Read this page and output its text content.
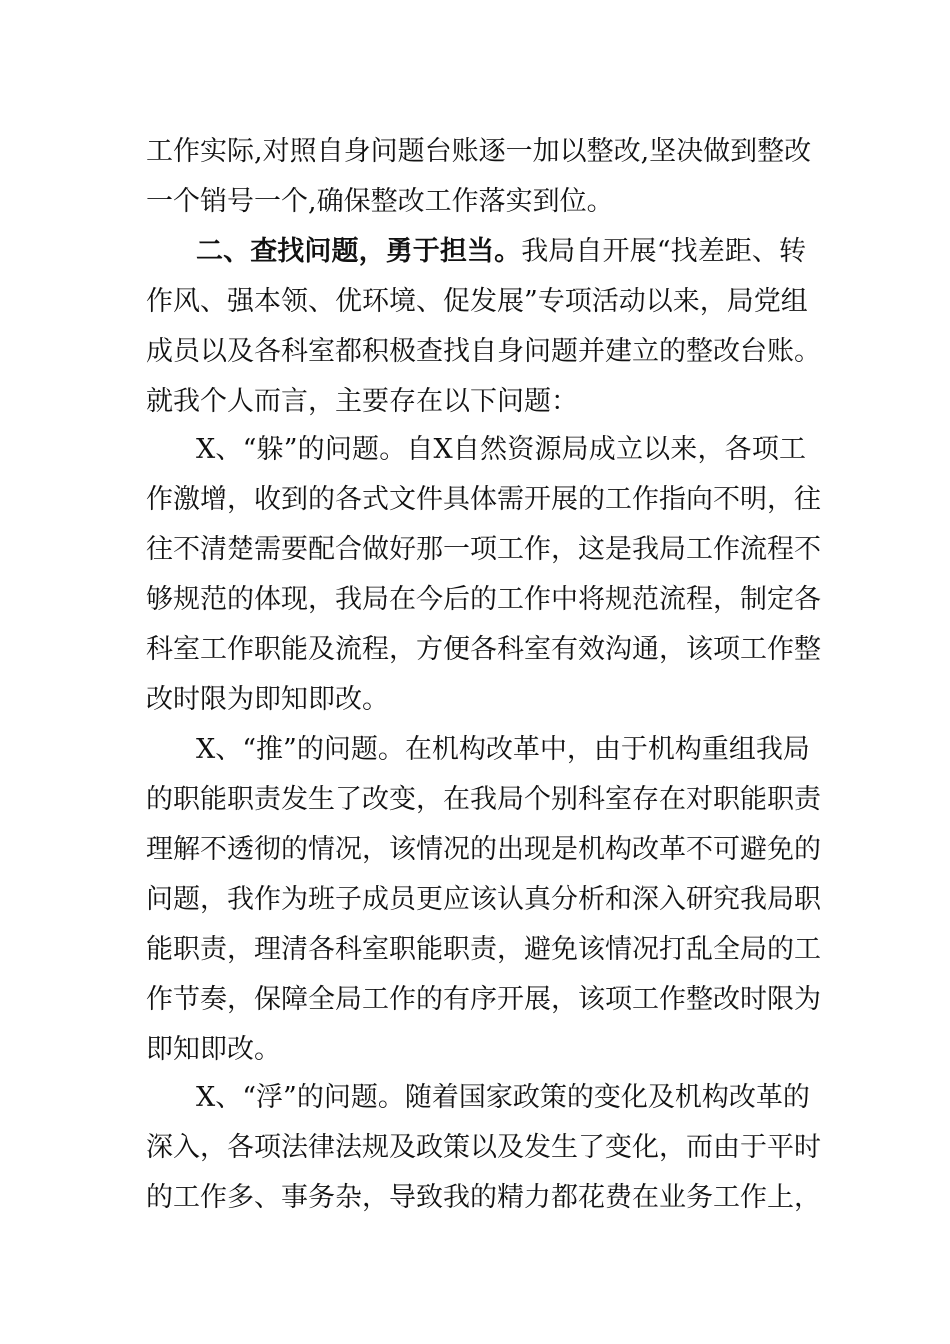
工作实际,对照自身问题台账逐一加以整改,坚决做到整改
一个销号一个,确保整改工作落实到位。
二、查找问题，勇于担当。我局自开展“找差距、转
作风、强本领、优环境、促发展”专项活动以来，局党组
成员以及各科室都积极查找自身问题并建立的整改台账。
就我个人而言，主要存在以下问题：
X、“躲”的问题。自X自然资源局成立以来，各项工
作激增，收到的各式文件具体需开展的工作指向不明，往
往不清楚需要配合做好那一项工作，这是我局工作流程不
够规范的体现，我局在今后的工作中将规范流程，制定各
科室工作职能及流程，方便各科室有效沟通，该项工作整
改时限为即知即改。
X、“推”的问题。在机构改革中，由于机构重组我局
的职能职责发生了改变，在我局个别科室存在对职能职责
理解不透彻的情况，该情况的出现是机构改革不可避免的
问题，我作为班子成员更应该认真分析和深入研究我局职
能职责，理清各科室职能职责，避免该情况打乱全局的工
作节奏，保障全局工作的有序开展，该项工作整改时限为
即知即改。
X、“浮”的问题。随着国家政策的变化及机构改革的
深入，各项法律法规及政策以及发生了变化，而由于平时
的工作多、事务杂，导致我的精力都花费在业务工作上，
